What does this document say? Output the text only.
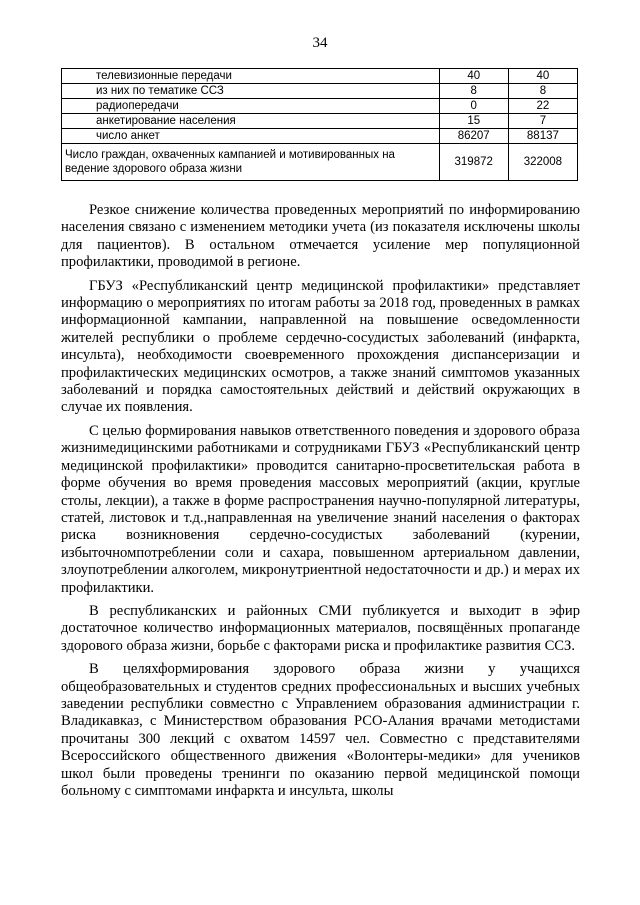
34
телевизионные передачи	40	40
из них по тематике ССЗ	8	8
радиопередачи	0	22
анкетирование населения	15	7
число анкет	86207	88137
Число граждан, охваченных кампанией и мотивированных на ведение здорового образа жизни	319872	322008

Резкое снижение количества проведенных мероприятий по информированию населения связано с изменением методики учета (из показателя исключены школы для пациентов). В остальном отмечается усиление мер популяционной профилактики, проводимой в регионе.

ГБУЗ «Республиканский центр медицинской профилактики» представляет информацию о мероприятиях по итогам работы за 2018 год, проведенных в рамках информационной кампании, направленной на повышение осведомленности жителей республики о проблеме сердечно-сосудистых заболеваний (инфаркта, инсульта), необходимости своевременного прохождения диспансеризации и профилактических медицинских осмотров, а также знаний симптомов указанных заболеваний и порядка самостоятельных действий и действий окружающих в случае их появления.

С целью формирования навыков ответственного поведения и здорового образа жизнимедицинскими работниками и сотрудниками ГБУЗ «Республиканский центр медицинской профилактики» проводится санитарно-просветительская работа в форме обучения во время проведения массовых мероприятий (акции, круглые столы, лекции), а также в форме распространения научно-популярной литературы, статей, листовок и т.д.,направленная на увеличение знаний населения о факторах риска возникновения сердечно-сосудистых заболеваний (курении, избыточномпотреблении соли и сахара, повышенном артериальном давлении, злоупотреблении алкоголем, микронутриентной недостаточности и др.) и мерах их профилактики.

В республиканских и районных СМИ публикуется и выходит в эфир достаточное количество информационных материалов, посвящённых пропаганде здорового образа жизни, борьбе с факторами риска и профилактике развития ССЗ.

В целяхформирования здорового образа жизни у учащихся общеобразовательных и студентов средних профессиональных и высших учебных заведении республики совместно с Управлением образования администрации г. Владикавказ, с Министерством образования РСО-Алания врачами методистами прочитаны 300 лекций с охватом 14597 чел. Совместно с представителями Всероссийского общественного движения «Волонтеры-медики» для учеников школ были проведены тренинги по оказанию первой медицинской помощи больному с симптомами инфаркта и инсульта, школы
